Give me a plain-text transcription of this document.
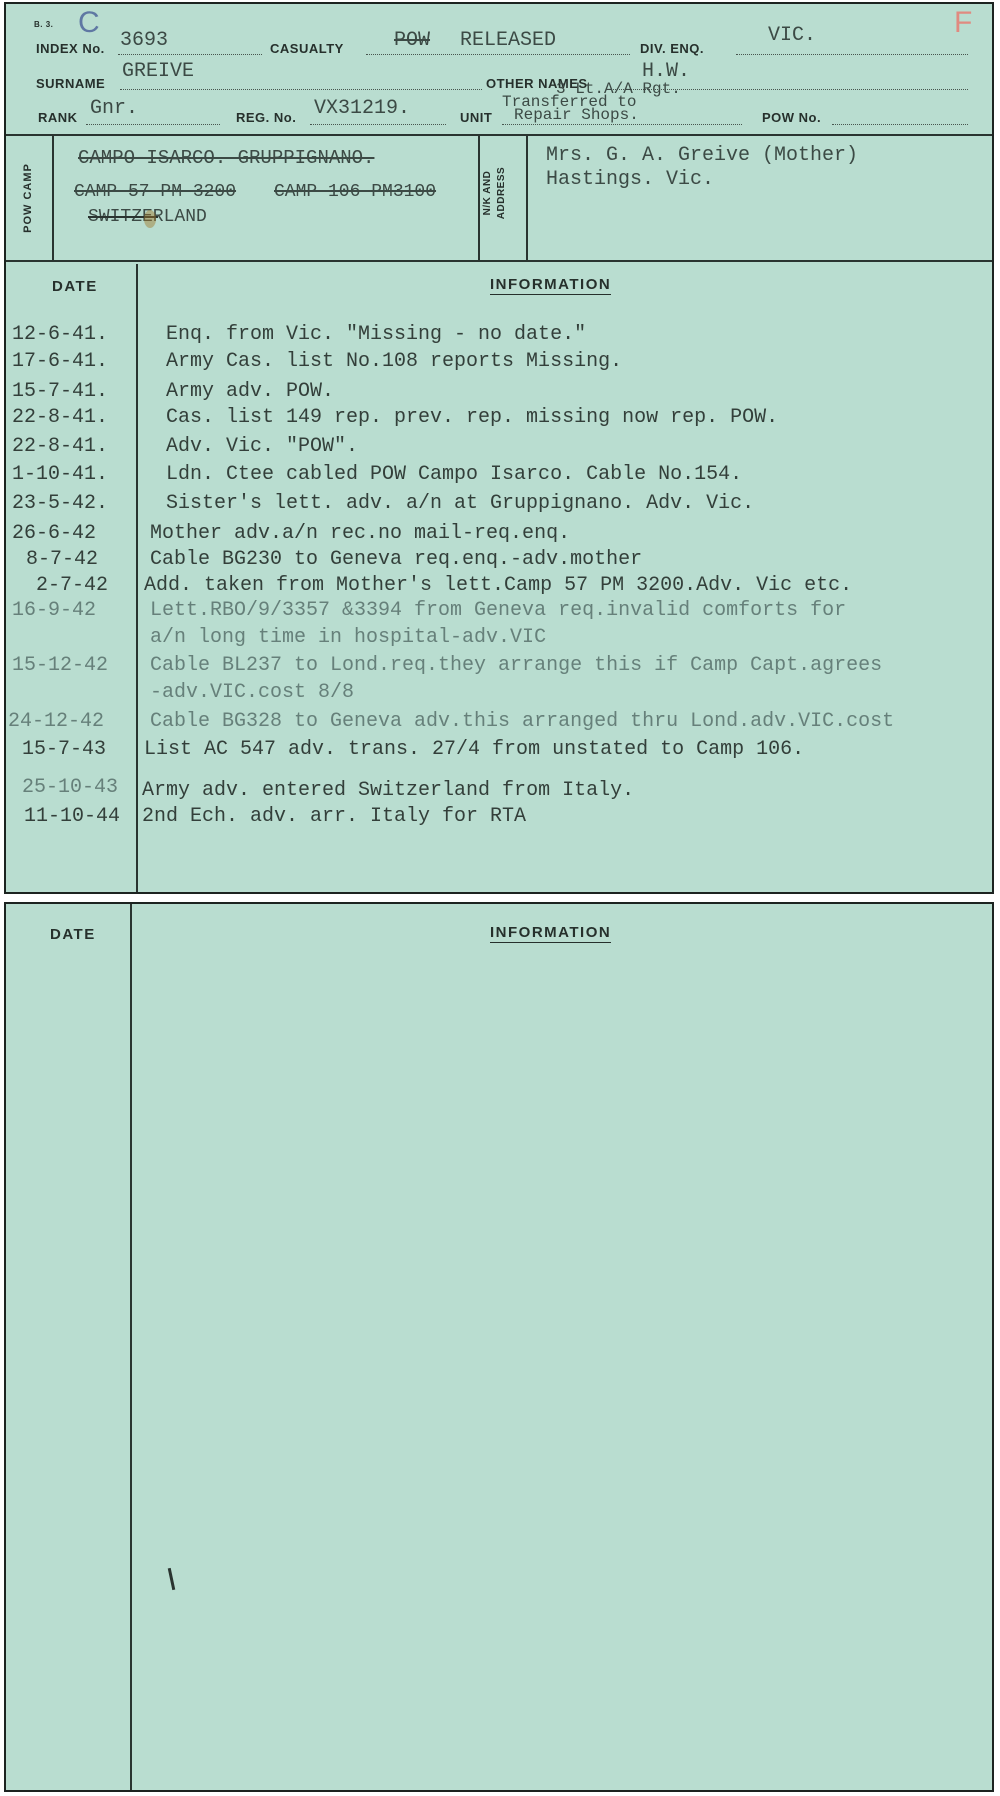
B. 3. C	F
INDEX No. 3693	CASUALTY	POW RELEASED	DIV. ENQ.
VIC.
SURNAME
GREIVE
OTHER NAMES
H.W.
RANK Gnr.	REG. No. VX31219.	UNIT
3 Lt.A/A Rgt.
Transferred to
Repair Shops.	POW No.
POW CAMP
CAMPO-ISARCO. GRUPPIGNANO.
CAMP-57-PM-3200 CAMP-106-PM3100
SWITZERLAND
N/K AND ADDRESS
Mrs. G. A. Greive (Mother)
Hastings. Vic.
DATE	INFORMATION
12-6-41.	Enq. from Vic. "Missing - no date."
17-6-41.	Army Cas. list No.108 reports Missing.
15-7-41.	Army adv. POW.
22-8-41.	Cas. list 149 rep. prev. rep. missing now rep. POW.
22-8-41.	Adv. Vic. "POW".
1-10-41.	Ldn. Ctee cabled POW Campo Isarco. Cable No.154.
23-5-42.	Sister's lett. adv. a/n at Gruppignano. Adv. Vic.
26-6-42	Mother adv.a/n rec.no mail-req.enq.
8-7-42	Cable BG230 to Geneva req.enq.-adv.mother
2-7-42 Add. taken from Mother's lett.Camp 57 PM 3200.Adv. Vic etc.
16-9-42	Lett.RBO/9/3357 &3394 from Geneva req.invalid comforts for
a/n long time in hospital-adv.VIC
15-12-42 Cable BL237 to Lond.req.they arrange this if Camp Capt.agrees
-adv.VIC.cost 8/8
24-12-42 Cable BG328 to Geneva adv.this arranged thru Lond.adv.VIC.cost
15-7-43 List AC 547 adv. trans. 27/4 from unstated to Camp 106.
25-10-43 Army adv. entered Switzerland from Italy.
11-10-44 2nd Ech. adv. arr. Italy for RTA
DATE	INFORMATION
